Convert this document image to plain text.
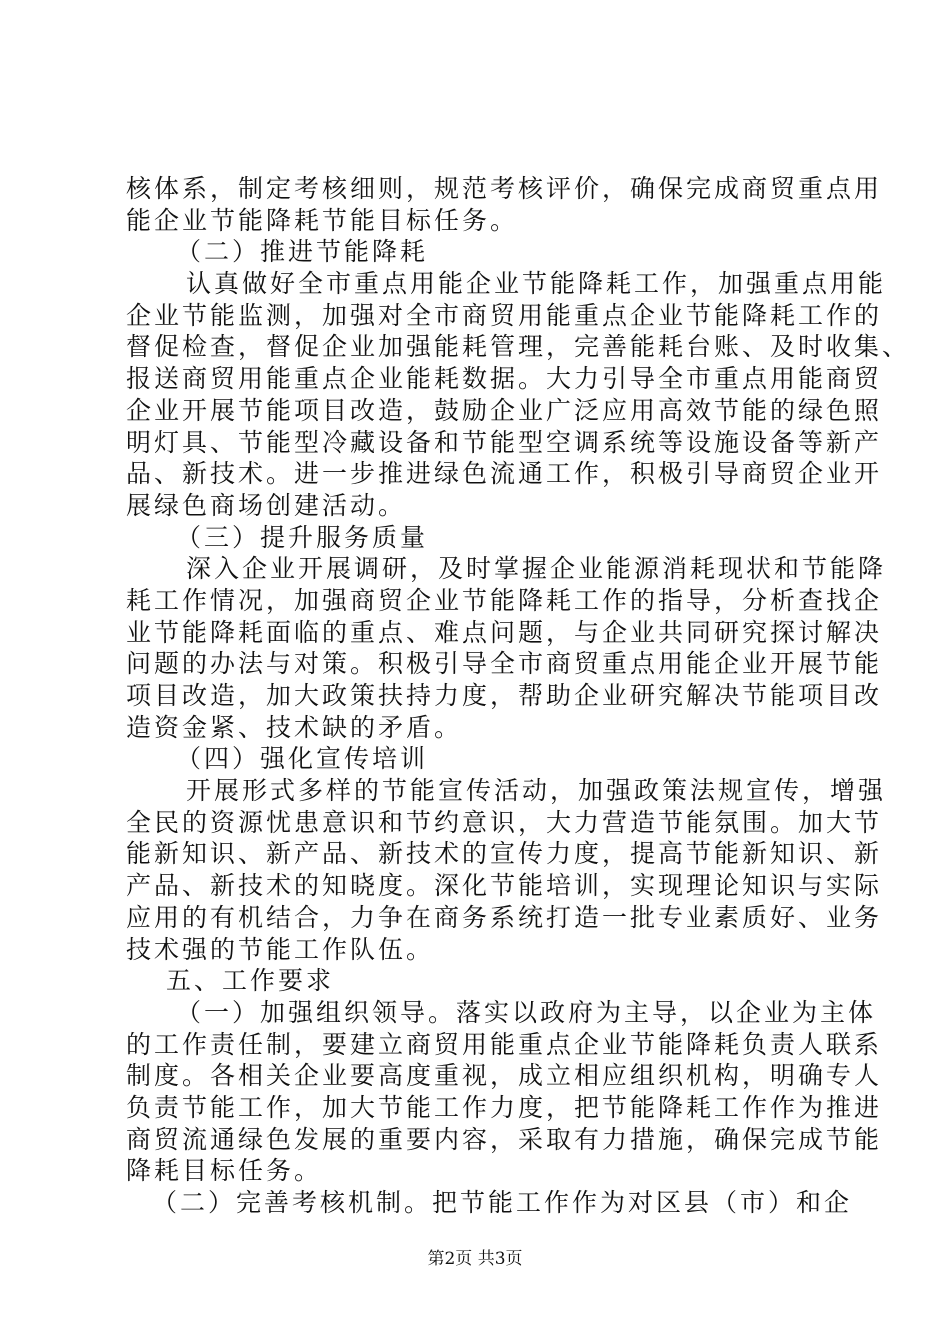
核体系，制定考核细则，规范考核评价，确保完成商贸重点用
能企业节能降耗节能目标任务。
（二）推进节能降耗
认真做好全市重点用能企业节能降耗工作，加强重点用能
企业节能监测，加强对全市商贸用能重点企业节能降耗工作的
督促检查，督促企业加强能耗管理，完善能耗台账、及时收集、
报送商贸用能重点企业能耗数据。大力引导全市重点用能商贸
企业开展节能项目改造，鼓励企业广泛应用高效节能的绿色照
明灯具、节能型冷藏设备和节能型空调系统等设施设备等新产
品、新技术。进一步推进绿色流通工作，积极引导商贸企业开
展绿色商场创建活动。
（三）提升服务质量
深入企业开展调研，及时掌握企业能源消耗现状和节能降
耗工作情况，加强商贸企业节能降耗工作的指导，分析查找企
业节能降耗面临的重点、难点问题，与企业共同研究探讨解决
问题的办法与对策。积极引导全市商贸重点用能企业开展节能
项目改造，加大政策扶持力度，帮助企业研究解决节能项目改
造资金紧、技术缺的矛盾。
（四）强化宣传培训
开展形式多样的节能宣传活动，加强政策法规宣传，增强
全民的资源忧患意识和节约意识，大力营造节能氛围。加大节
能新知识、新产品、新技术的宣传力度，提高节能新知识、新
产品、新技术的知晓度。深化节能培训，实现理论知识与实际
应用的有机结合，力争在商务系统打造一批专业素质好、业务
技术强的节能工作队伍。
五、工作要求
（一）加强组织领导。落实以政府为主导，以企业为主体
的工作责任制，要建立商贸用能重点企业节能降耗负责人联系
制度。各相关企业要高度重视，成立相应组织机构，明确专人
负责节能工作，加大节能工作力度，把节能降耗工作作为推进
商贸流通绿色发展的重要内容，采取有力措施，确保完成节能
降耗目标任务。
（二）完善考核机制。把节能工作作为对区县（市）和企
第2页 共3页
